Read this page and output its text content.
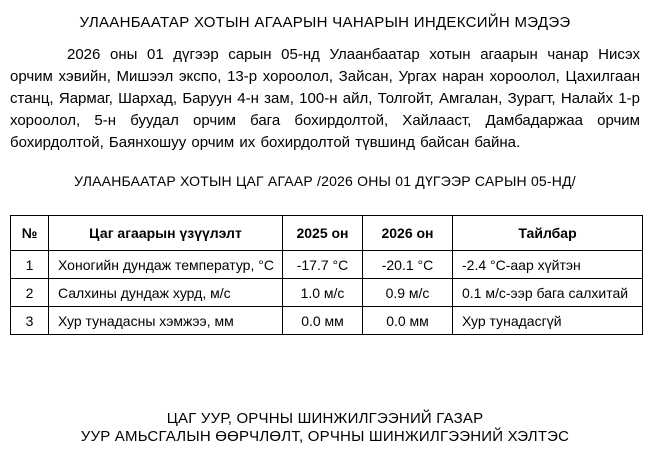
УЛААНБААТАР ХОТЫН АГААРЫН ЧАНАРЫН ИНДЕКСИЙН МЭДЭЭ

2026 оны 01 дүгээр сарын 05-нд Улаанбаатар хотын агаарын чанар Нисэх орчим хэвийн, Мишээл экспо, 13-р хороолол, Зайсан, Ургах наран хороолол, Цахилгаан станц, Яармаг, Шархад, Баруун 4-н зам, 100-н айл, Толгойт, Амгалан, Зурагт, Налайх 1-р хороолол, 5-н буудал орчим бага бохирдолтой, Хайлааст, Дамбадаржаа орчим бохирдолтой, Баянхошуу орчим их бохирдолтой түвшинд байсан байна.

УЛААНБААТАР ХОТЫН ЦАГ АГААР /2026 ОНЫ 01 ДҮГЭЭР САРЫН 05-НД/
№	Цаг агаарын үзүүлэлт	2025 он	2026 он	Тайлбар
1	Хоногийн дундаж температур, °С	-17.7 °С	-20.1 °С	-2.4 °С-аар хүйтэн
2	Салхины дундаж хурд, м/с	1.0 м/с	0.9 м/с	0.1 м/с-ээр бага салхитай
3	Хур тунадасны хэмжээ, мм	0.0 мм	0.0 мм	Хур тунадасгүй
ЦАГ УУР, ОРЧНЫ ШИНЖИЛГЭЭНИЙ ГАЗАР
УУР АМЬСГАЛЫН ӨӨРЧЛӨЛТ, ОРЧНЫ ШИНЖИЛГЭЭНИЙ ХЭЛТЭС
